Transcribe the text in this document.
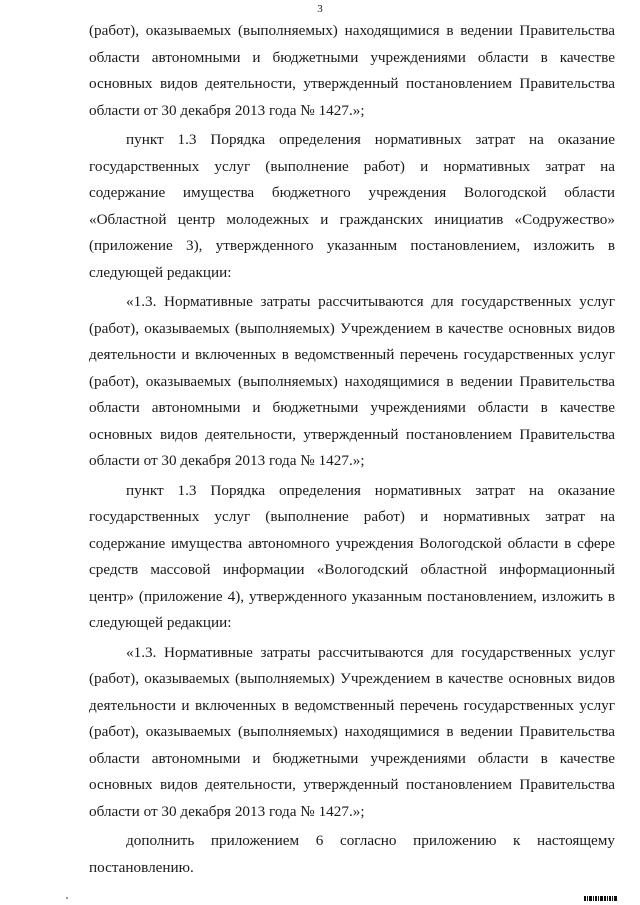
3

(работ), оказываемых (выполняемых) находящимися в ведении Правительства области автономными и бюджетными учреждениями области в качестве основных видов деятельности, утвержденный постановлением Правительства области от 30 декабря 2013 года № 1427.»;

пункт 1.3 Порядка определения нормативных затрат на оказание государственных услуг (выполнение работ) и нормативных затрат на содержание имущества бюджетного учреждения Вологодской области «Областной центр молодежных и гражданских инициатив «Содружество» (приложение 3), утвержденного указанным постановлением, изложить в следующей редакции:

«1.3. Нормативные затраты рассчитываются для государственных услуг (работ), оказываемых (выполняемых) Учреждением в качестве основных видов деятельности и включенных в ведомственный перечень государственных услуг (работ), оказываемых (выполняемых) находящимися в ведении Правительства области автономными и бюджетными учреждениями области в качестве основных видов деятельности, утвержденный постановлением Правительства области от 30 декабря 2013 года № 1427.»;

пункт 1.3 Порядка определения нормативных затрат на оказание государственных услуг (выполнение работ) и нормативных затрат на содержание имущества автономного учреждения Вологодской области в сфере средств массовой информации «Вологодский областной информационный центр» (приложение 4), утвержденного указанным постановлением, изложить в следующей редакции:

«1.3. Нормативные затраты рассчитываются для государственных услуг (работ), оказываемых (выполняемых) Учреждением в качестве основных видов деятельности и включенных в ведомственный перечень государственных услуг (работ), оказываемых (выполняемых) находящимися в ведении Правительства области автономными и бюджетными учреждениями области в качестве основных видов деятельности, утвержденный постановлением Правительства области от 30 декабря 2013 года № 1427.»;

дополнить приложением 6 согласно приложению к настоящему постановлению.
